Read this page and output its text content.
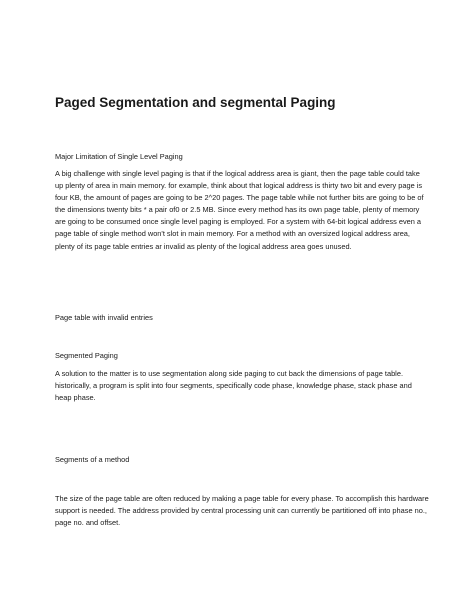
Paged Segmentation and segmental Paging

Major Limitation of Single Level Paging

A big challenge with single level paging is that if the logical address area is giant, then the page table could take up plenty of area in main memory. for example, think about that logical address is thirty two bit and every page is four KB, the amount of pages are going to be 2^20 pages. The page table while not further bits are going to be of the dimensions twenty bits * a pair of0 or 2.5 MB. Since every method has its own page table, plenty of memory are going to be consumed once single level paging is employed. For a system with 64-bit logical address even a page table of single method won't slot in main memory. For a method with an oversized logical address area, plenty of its page table entries ar invalid as plenty of the logical address area goes unused.

Page table with invalid entries

Segmented Paging

A solution to the matter is to use segmentation along side paging to cut back the dimensions of page table. historically, a program is split into four segments, specifically code phase, knowledge phase, stack phase and heap phase.

Segments of a method

The size of the page table are often reduced by making a page table for every phase. To accomplish this hardware support is needed. The address provided by central processing unit can currently be partitioned off into phase no., page no. and offset.
